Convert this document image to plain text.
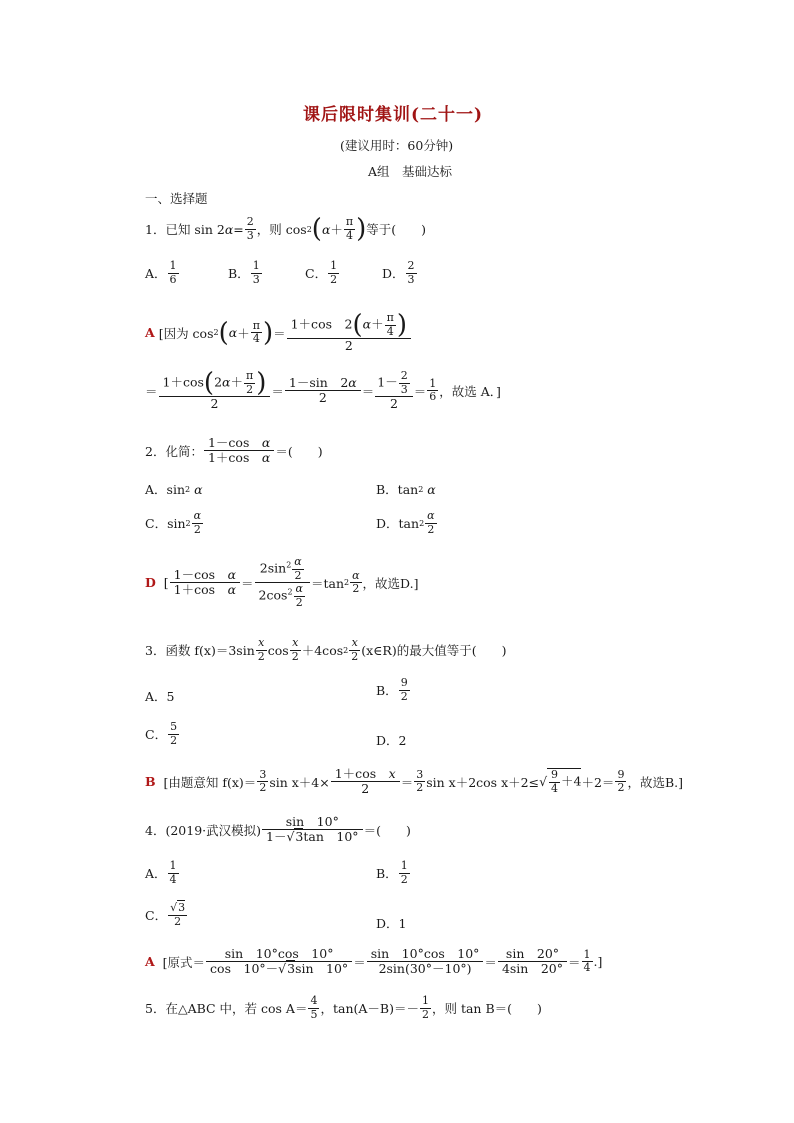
课后限时集训(二十一)
(建议用时：60分钟)
A组　基础达标
一、选择题
1． 已知 sin 2 $\alpha = \frac{2}{3}$ ，则 cos 2 ( $\alpha + \frac{\pi}{4}$ ) 等于(　　)
A． $\frac{1}{6}$	B． $\frac{1}{3}$	C． $\frac{1}{2}$	D． $\frac{2}{3}$
A
[因为 cos 2 ( $\alpha + \frac{\pi}{4}$ ) ＝ $\frac{1+\cos 2(\alpha+ \frac{\pi}{4} )}{2}$
＝ $\frac{1+\cos(2\alpha+ \frac{\pi}{2} )}{2} = \frac{1-\sin 2\alpha}{2} = \frac{1- \frac{2}{3}}{2} = \frac{1}{6}$ ，故选 A．]
2． 化简： $\frac{\text{1－cos　α}}{\text{1＋cos　α}}$ ＝(　　)
A．sin 2
α	B．tan 2
α
C．$\sin 2 \frac{\alpha}{2}$	D．$\tan 2 \frac{\alpha}{2}$
D [ $\frac{\text{1－cos　α}}{\text{1＋cos　α}} = \frac{2\sin^2 \frac{\alpha}{2}}{2\cos^2 \frac{\alpha}{2}} =\tan$ $2 \frac{\alpha}{2}$ ，故选D.]
3． 函数 $f(x)=3\sin \frac{x}{2}$ $\cos \frac{x}{2} +4\cos$ $2 \frac{x}{2}$ (x∈R)的最大值等于(　　)
A．5	B． $\frac{9}{2}$
C． $\frac{5}{2}$	D．2
B
[由题意知 $f(x)= \frac{3}{2}$ $\sin x+4\times \frac{\text{1＋cos　x}}{2} = \frac{3}{2}$ sin x＋2cos x＋2≤ √ $\frac{9}{4} +4 +2= \frac{9}{2}$ ，故选B.]
4． (2019·武汉模拟) $\frac{\sin 10^\circ}{1-√3\tan 10^\circ}$ ＝(　　)
A． $\frac{1}{4}$	B． $\frac{1}{2}$
C． $\frac{√3}{2}$	D．1
A
[原式＝ $\frac{\sin 10^\circ\cos 10^\circ}{\cos 10^\circ-√3\sin 10^\circ} = \frac{\sin 10^\circ\cos 10^\circ}{2\sin(30^\circ-10^\circ)} = \frac{\sin 20^\circ}{4\sin 20^\circ} = \frac{1}{4}$ .]
5． 在△ABC 中，若 $\cos A= \frac{4}{5}$ ，$\tan(A-B)=- \frac{1}{2}$ ，则 tan B＝(　　)
